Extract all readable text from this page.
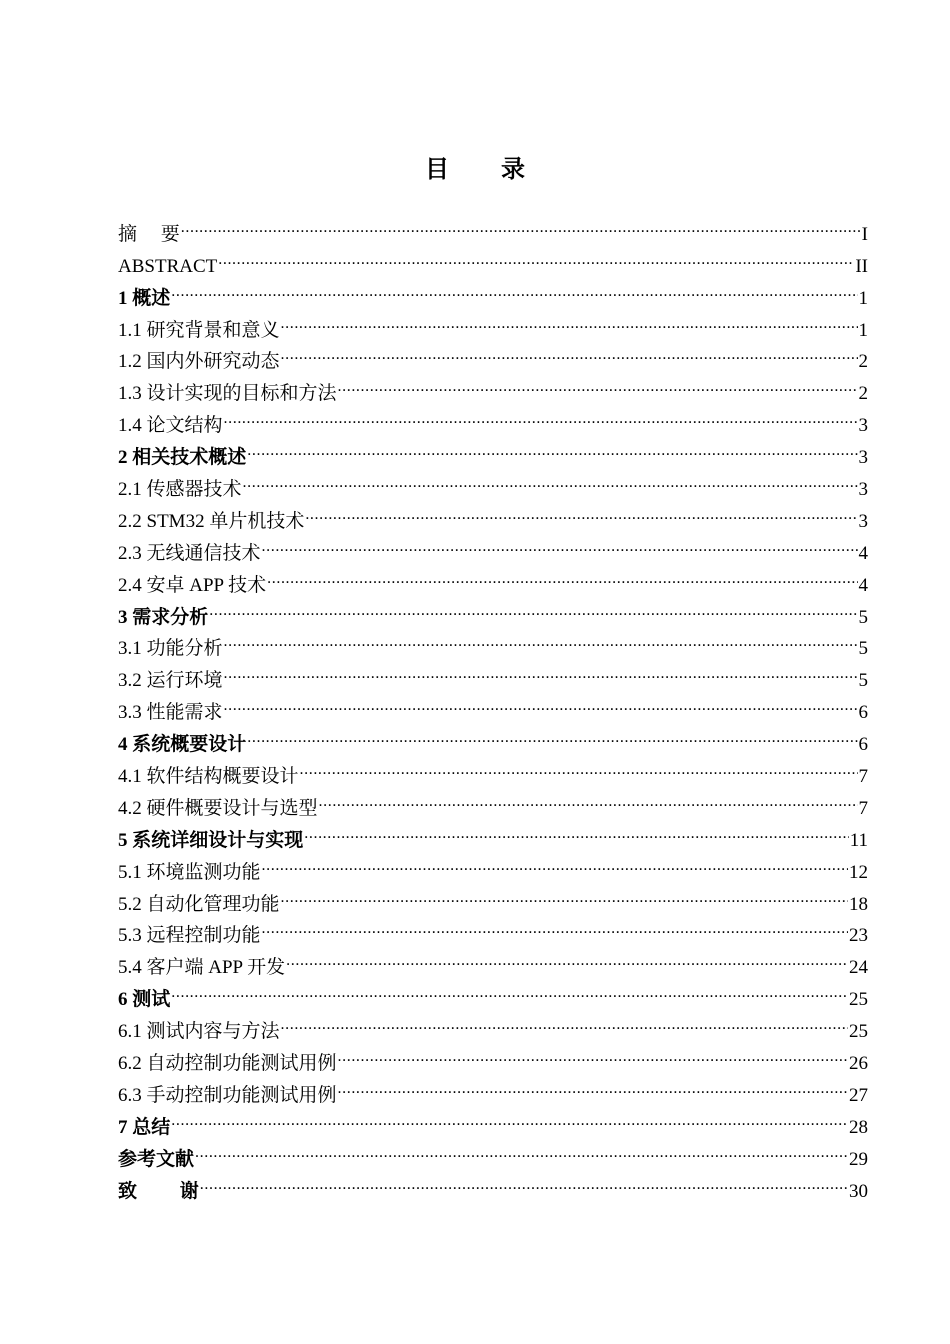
目 录
摘　 要 .....	I
ABSTRACT .....	II
1 概述 .....	1
1.1 研究背景和意义 .....	1
1.2 国内外研究动态 .....	2
1.3 设计实现的目标和方法 .....	2
1.4 论文结构 .....	3
2 相关技术概述 .....	3
2.1 传感器技术 .....	3
2.2 STM32 单片机技术 .....	3
2.3 无线通信技术 .....	4
2.4 安卓 APP 技术 .....	4
3 需求分析 .....	5
3.1 功能分析 .....	5
3.2 运行环境 .....	5
3.3 性能需求 .....	6
4 系统概要设计 .....	6
4.1 软件结构概要设计 .....	7
4.2 硬件概要设计与选型 .....	7
5 系统详细设计与实现 .....	11
5.1 环境监测功能 .....	12
5.2 自动化管理功能 .....	18
5.3 远程控制功能 .....	23
5.4 客户端 APP 开发 .....	24
6 测试 .....	25
6.1 测试内容与方法 .....	25
6.2 自动控制功能测试用例 .....	26
6.3 手动控制功能测试用例 .....	27
7 总结 .....	28
参考文献 .....	29
致　　 谢 .....	30
